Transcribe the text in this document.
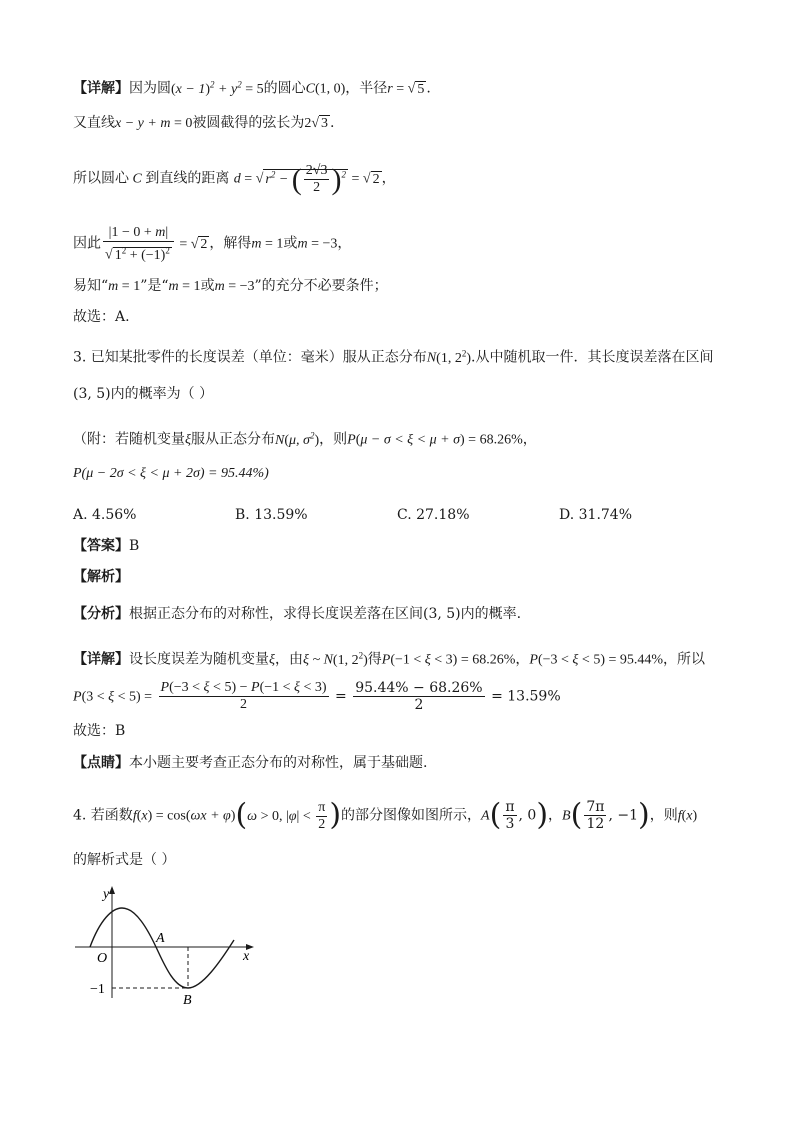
【详解】因为圆$(x - 1)^2 + y^2 = 5$的圆心C(1, 0)，半径r = √ 5 .
又直线x − y + m = 0被圆截得的弦长为2√ 3 .
所以圆心 C 到直线的距离 d = √ $r^2$ − ( $\frac{2√3}{2} )^2$ = √ 2 ，
因此 $\frac{|1 - 0 + m|}{√ 1^2 + (-1)^2}$ = √ 2 ，解得m = 1或m = −3，
易知“m = 1”是“m = 1或m = −3”的充分不必要条件；
故选：A.
3. 已知某批零件的长度误差（单位：毫米）服从正态分布N(1, $2^2$).从中随机取一件．其长度误差落在区间
(3, 5)内的概率为（ ）
（附：若随机变量ξ服从正态分布N(μ, $\sigma^2$)，则P(μ − σ < ξ < μ + σ) = 68.26%，
P(μ − 2σ < ξ < μ + 2σ) = 95.44%)
A. 4.56%	B. 13.59%	C. 27.18%	D. 31.74%
【答案】B
【解析】
【分析】根据正态分布的对称性，求得长度误差落在区间(3, 5)内的概率.
【详解】设长度误差为随机变量ξ，由ξ ~ N(1, $2^2$)得P(−1 < ξ < 3) = 68.26%，P(−3 < ξ < 5) = 95.44%，所以
$P(3 < \xi < 5) = \frac{P(-3 < \xi < 5) - P(-1 < \xi < 3)}{2} = \frac{95.44\% - 68.26\%}{2} = 13.59\%$
故选：B
【点睛】本小题主要考查正态分布的对称性，属于基础题.
4. 若函数f(x) = cos(ωx + φ)(ω > 0, $|\varphi| < \frac{\pi}{2}$ )的部分图像如图所示，$A( \frac{\pi}{3}$ , 0)，$B( \frac{7\pi}{12}$ , −1)，则f(x)
的解析式是（ ）
y
x
O
A
B
−1
